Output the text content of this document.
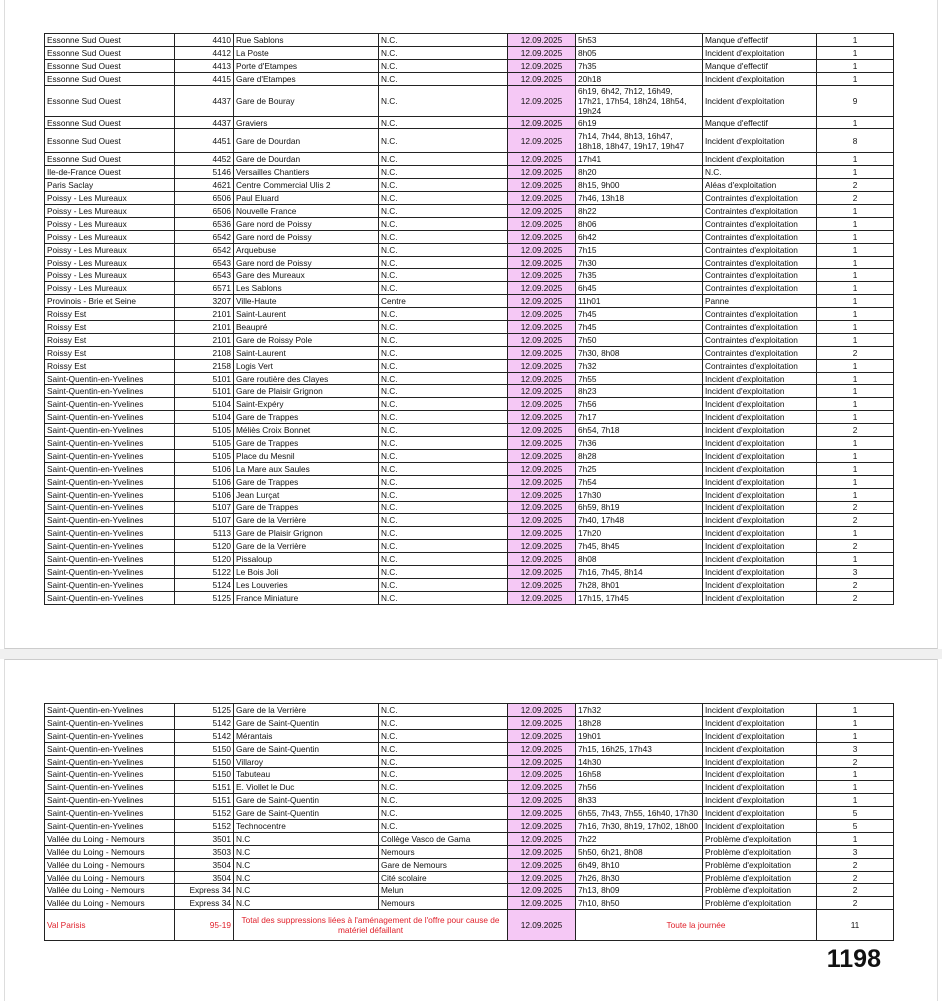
Essonne Sud Ouest	4410	Rue Sablons	N.C.	12.09.2025	5h53	Manque d'effectif	1
Essonne Sud Ouest	4412	La Poste	N.C.	12.09.2025	8h05	Incident d'exploitation	1
Essonne Sud Ouest	4413	Porte d'Etampes	N.C.	12.09.2025	7h35	Manque d'effectif	1
Essonne Sud Ouest	4415	Gare d'Etampes	N.C.	12.09.2025	20h18	Incident d'exploitation	1
Essonne Sud Ouest	4437	Gare de Bouray	N.C.	12.09.2025	6h19, 6h42, 7h12, 16h49, 17h21, 17h54, 18h24, 18h54, 19h24	Incident d'exploitation	9
Essonne Sud Ouest	4437	Graviers	N.C.	12.09.2025	6h19	Manque d'effectif	1
Essonne Sud Ouest	4451	Gare de Dourdan	N.C.	12.09.2025	7h14, 7h44, 8h13, 16h47, 18h18, 18h47, 19h17, 19h47	Incident d'exploitation	8
Essonne Sud Ouest	4452	Gare de Dourdan	N.C.	12.09.2025	17h41	Incident d'exploitation	1
Ile-de-France Ouest	5146	Versailles Chantiers	N.C.	12.09.2025	8h20	N.C.	1
Paris Saclay	4621	Centre Commercial Ulis 2	N.C.	12.09.2025	8h15, 9h00	Aléas d'exploitation	2
Poissy - Les Mureaux	6506	Paul Eluard	N.C.	12.09.2025	7h46, 13h18	Contraintes d'exploitation	2
Poissy - Les Mureaux	6506	Nouvelle France	N.C.	12.09.2025	8h22	Contraintes d'exploitation	1
Poissy - Les Mureaux	6536	Gare nord de Poissy	N.C.	12.09.2025	8h06	Contraintes d'exploitation	1
Poissy - Les Mureaux	6542	Gare nord de Poissy	N.C.	12.09.2025	6h42	Contraintes d'exploitation	1
Poissy - Les Mureaux	6542	Arquebuse	N.C.	12.09.2025	7h15	Contraintes d'exploitation	1
Poissy - Les Mureaux	6543	Gare nord de Poissy	N.C.	12.09.2025	7h30	Contraintes d'exploitation	1
Poissy - Les Mureaux	6543	Gare des Mureaux	N.C.	12.09.2025	7h35	Contraintes d'exploitation	1
Poissy - Les Mureaux	6571	Les Sablons	N.C.	12.09.2025	6h45	Contraintes d'exploitation	1
Provinois - Brie et Seine	3207	Ville-Haute	Centre	12.09.2025	11h01	Panne	1
Roissy Est	2101	Saint-Laurent	N.C.	12.09.2025	7h45	Contraintes d'exploitation	1
Roissy Est	2101	Beaupré	N.C.	12.09.2025	7h45	Contraintes d'exploitation	1
Roissy Est	2101	Gare de Roissy Pole	N.C.	12.09.2025	7h50	Contraintes d'exploitation	1
Roissy Est	2108	Saint-Laurent	N.C.	12.09.2025	7h30, 8h08	Contraintes d'exploitation	2
Roissy Est	2158	Logis Vert	N.C.	12.09.2025	7h32	Contraintes d'exploitation	1
Saint-Quentin-en-Yvelines	5101	Gare routière des Clayes	N.C.	12.09.2025	7h55	Incident d'exploitation	1
Saint-Quentin-en-Yvelines	5101	Gare de Plaisir Grignon	N.C.	12.09.2025	8h23	Incident d'exploitation	1
Saint-Quentin-en-Yvelines	5104	Saint-Expéry	N.C.	12.09.2025	7h56	Incident d'exploitation	1
Saint-Quentin-en-Yvelines	5104	Gare de Trappes	N.C.	12.09.2025	7h17	Incident d'exploitation	1
Saint-Quentin-en-Yvelines	5105	Méliès Croix Bonnet	N.C.	12.09.2025	6h54, 7h18	Incident d'exploitation	2
Saint-Quentin-en-Yvelines	5105	Gare de Trappes	N.C.	12.09.2025	7h36	Incident d'exploitation	1
Saint-Quentin-en-Yvelines	5105	Place du Mesnil	N.C.	12.09.2025	8h28	Incident d'exploitation	1
Saint-Quentin-en-Yvelines	5106	La Mare aux Saules	N.C.	12.09.2025	7h25	Incident d'exploitation	1
Saint-Quentin-en-Yvelines	5106	Gare de Trappes	N.C.	12.09.2025	7h54	Incident d'exploitation	1
Saint-Quentin-en-Yvelines	5106	Jean Lurçat	N.C.	12.09.2025	17h30	Incident d'exploitation	1
Saint-Quentin-en-Yvelines	5107	Gare de Trappes	N.C.	12.09.2025	6h59, 8h19	Incident d'exploitation	2
Saint-Quentin-en-Yvelines	5107	Gare de la Verrière	N.C.	12.09.2025	7h40, 17h48	Incident d'exploitation	2
Saint-Quentin-en-Yvelines	5113	Gare de Plaisir Grignon	N.C.	12.09.2025	17h20	Incident d'exploitation	1
Saint-Quentin-en-Yvelines	5120	Gare de la Verrière	N.C.	12.09.2025	7h45, 8h45	Incident d'exploitation	2
Saint-Quentin-en-Yvelines	5120	Pissaloup	N.C.	12.09.2025	8h08	Incident d'exploitation	1
Saint-Quentin-en-Yvelines	5122	Le Bois Joli	N.C.	12.09.2025	7h16, 7h45, 8h14	Incident d'exploitation	3
Saint-Quentin-en-Yvelines	5124	Les Louveries	N.C.	12.09.2025	7h28, 8h01	Incident d'exploitation	2
Saint-Quentin-en-Yvelines	5125	France Miniature	N.C.	12.09.2025	17h15, 17h45	Incident d'exploitation	2
Saint-Quentin-en-Yvelines	5125	Gare de la Verrière	N.C.	12.09.2025	17h32	Incident d'exploitation	1
Saint-Quentin-en-Yvelines	5142	Gare de Saint-Quentin	N.C.	12.09.2025	18h28	Incident d'exploitation	1
Saint-Quentin-en-Yvelines	5142	Mérantais	N.C.	12.09.2025	19h01	Incident d'exploitation	1
Saint-Quentin-en-Yvelines	5150	Gare de Saint-Quentin	N.C.	12.09.2025	7h15, 16h25, 17h43	Incident d'exploitation	3
Saint-Quentin-en-Yvelines	5150	Villaroy	N.C.	12.09.2025	14h30	Incident d'exploitation	2
Saint-Quentin-en-Yvelines	5150	Tabuteau	N.C.	12.09.2025	16h58	Incident d'exploitation	1
Saint-Quentin-en-Yvelines	5151	E. Viollet le Duc	N.C.	12.09.2025	7h56	Incident d'exploitation	1
Saint-Quentin-en-Yvelines	5151	Gare de Saint-Quentin	N.C.	12.09.2025	8h33	Incident d'exploitation	1
Saint-Quentin-en-Yvelines	5152	Gare de Saint-Quentin	N.C.	12.09.2025	6h55, 7h43, 7h55, 16h40, 17h30	Incident d'exploitation	5
Saint-Quentin-en-Yvelines	5152	Technocentre	N.C.	12.09.2025	7h16, 7h30, 8h19, 17h02, 18h00	Incident d'exploitation	5
Vallée du Loing - Nemours	3501	N.C	Collège Vasco de Gama	12.09.2025	7h22	Problème d'exploitation	1
Vallée du Loing - Nemours	3503	N.C	Nemours	12.09.2025	5h50, 6h21, 8h08	Problème d'exploitation	3
Vallée du Loing - Nemours	3504	N.C	Gare de Nemours	12.09.2025	6h49, 8h10	Problème d'exploitation	2
Vallée du Loing - Nemours	3504	N.C	Cité scolaire	12.09.2025	7h26, 8h30	Problème d'exploitation	2
Vallée du Loing - Nemours	Express 34	N.C	Melun	12.09.2025	7h13, 8h09	Problème d'exploitation	2
Vallée du Loing - Nemours	Express 34	N.C	Nemours	12.09.2025	7h10, 8h50	Problème d'exploitation	2
Val Parisis	95-19	Total des suppressions liées à l'aménagement de l'offre pour cause de matériel défaillant		12.09.2025	Toute la journée		11
1198
